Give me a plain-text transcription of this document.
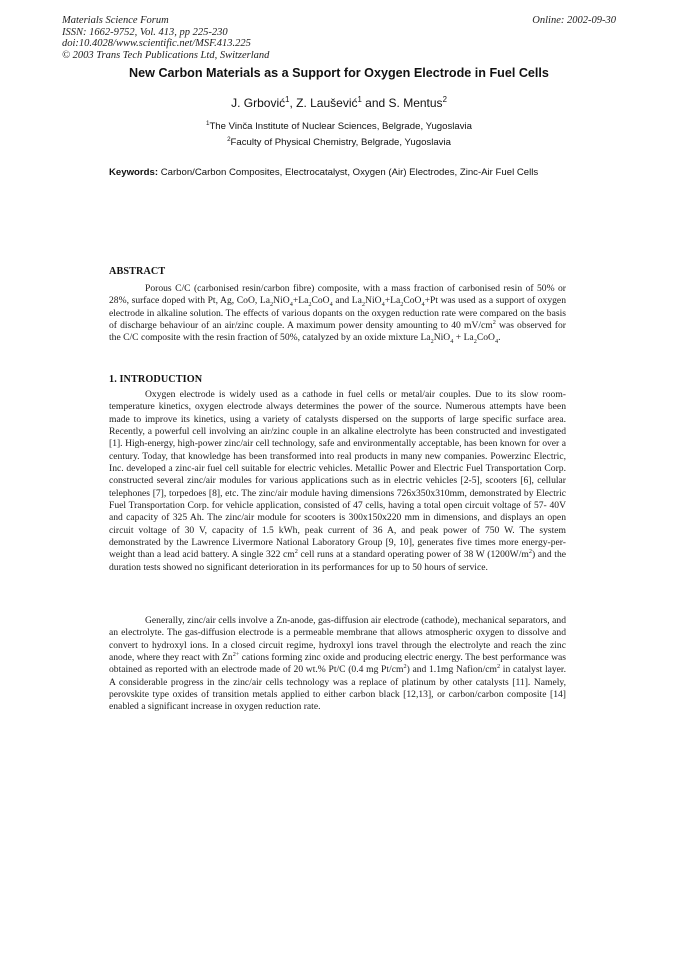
Materials Science Forum
ISSN: 1662-9752, Vol. 413, pp 225-230
doi:10.4028/www.scientific.net/MSF.413.225
© 2003 Trans Tech Publications Ltd, Switzerland
Online: 2002-09-30
New Carbon Materials as a Support for Oxygen Electrode in Fuel Cells
J. Grbović$^1$, Z. Laušević$^1$ and S. Mentus$^2$
$^1$The Vinča Institute of Nuclear Sciences, Belgrade, Yugoslavia
$^2$Faculty of Physical Chemistry, Belgrade, Yugoslavia
Keywords: Carbon/Carbon Composites, Electrocatalyst, Oxygen (Air) Electrodes, Zinc-Air Fuel Cells
ABSTRACT
Porous C/C (carbonised resin/carbon fibre) composite, with a mass fraction of carbonised resin of 50% or 28%, surface doped with Pt, Ag, CoO, $La_2NiO_4+La_2CoO_4$ and $La_2NiO_4+La_2CoO_4+Pt$ was used as a support of oxygen electrode in alkaline solution. The effects of various dopants on the oxygen reduction rate were compared on the basis of discharge behaviour of an air/zinc couple. A maximum power density amounting to 40 $mV/cm^2$ was observed for the C/C composite with the resin fraction of 50%, catalyzed by an oxide mixture $La_2NiO_4 + La_2CoO_4$.
1. INTRODUCTION
Oxygen electrode is widely used as a cathode in fuel cells or metal/air couples. Due to its slow room-temperature kinetics, oxygen electrode always determines the power of the source. Numerous attempts have been made to improve its kinetics, using a variety of catalysts dispersed on the supports of large specific surface area. Recently, a powerful cell involving an air/zinc couple in an alkaline electrolyte has been constructed and investigated [1]. High-energy, high-power zinc/air cell technology, safe and environmentally acceptable, has been known for over a century. Today, that knowledge has been transformed into real products in many new companies. Powerzinc Electric, Inc. developed a zinc-air fuel cell suitable for electric vehicles. Metallic Power and Electric Fuel Transportation Corp. constructed several zinc/air modules for various applications such as in electric vehicles [2-5], scooters [6], cellular telephones [7], torpedoes [8], etc. The zinc/air module having dimensions 726x350x310mm, demonstrated by Electric Fuel Transportation Corp. for vehicle application, consisted of 47 cells, having a total open circuit voltage of 57- 40V and capacity of 325 Ah. The zinc/air module for scooters is 300x150x220 mm in dimensions, and displays an open circuit voltage of 30 V, capacity of 1.5 kWh, peak current of 36 A, and peak power of 750 W. The system demonstrated by the Lawrence Livermore National Laboratory Group [9, 10], generates five times more energy-per-weight than a lead acid battery. A single 322 $cm^2$ cell runs at a standard operating power of 38 W $(1200W/m^2)$ and the duration tests showed no significant deterioration in its performances for up to 50 hours of service.
Generally, zinc/air cells involve a Zn-anode, gas-diffusion air electrode (cathode), mechanical separators, and an electrolyte. The gas-diffusion electrode is a permeable membrane that allows atmospheric oxygen to dissolve and convert to hydroxyl ions. In a closed circuit regime, hydroxyl ions travel through the electrolyte and reach the zinc anode, where they react with $Zn^{2+}$ cations forming zinc oxide and producing electric energy. The best performance was obtained as reported with an electrode made of 20 wt.% Pt/C (0.4 mg $Pt/cm^2$) and 1.1mg Nafion/$cm^2$ in catalyst layer. A considerable progress in the zinc/air cells technology was a replace of platinum by other catalysts [11]. Namely, perovskite type oxides of transition metals applied to either carbon black [12,13], or carbon/carbon composite [14] enabled a significant increase in oxygen reduction rate.
